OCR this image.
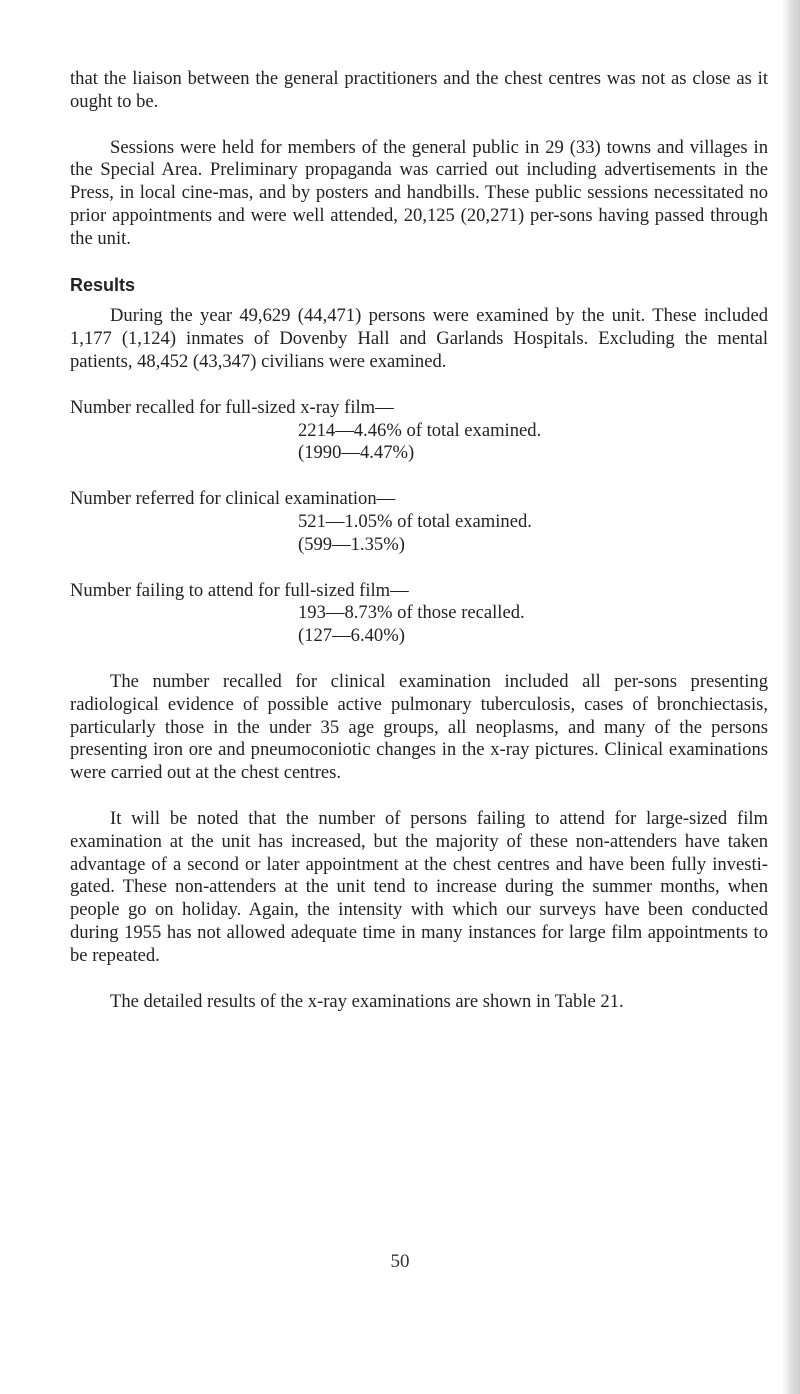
that the liaison between the general practitioners and the chest centres was not as close as it ought to be.

Sessions were held for members of the general public in 29 (33) towns and villages in the Special Area. Preliminary propaganda was carried out including advertisements in the Press, in local cine-mas, and by posters and handbills. These public sessions necessitated no prior appointments and were well attended, 20,125 (20,271) per-sons having passed through the unit.

Results

During the year 49,629 (44,471) persons were examined by the unit. These included 1,177 (1,124) inmates of Dovenby Hall and Garlands Hospitals. Excluding the mental patients, 48,452 (43,347) civilians were examined.

Number recalled for full-sized x-ray film—
2214—4.46% of total examined.
(1990—4.47%)
Number referred for clinical examination—
521—1.05% of total examined.
(599—1.35%)
Number failing to attend for full-sized film—
193—8.73% of those recalled.
(127—6.40%)

The number recalled for clinical examination included all per-sons presenting radiological evidence of possible active pulmonary tuberculosis, cases of bronchiectasis, particularly those in the under 35 age groups, all neoplasms, and many of the persons presenting iron ore and pneumoconiotic changes in the x-ray pictures. Clinical examinations were carried out at the chest centres.

It will be noted that the number of persons failing to attend for large-sized film examination at the unit has increased, but the majority of these non-attenders have taken advantage of a second or later appointment at the chest centres and have been fully investi-gated. These non-attenders at the unit tend to increase during the summer months, when people go on holiday. Again, the intensity with which our surveys have been conducted during 1955 has not allowed adequate time in many instances for large film appointments to be repeated.

The detailed results of the x-ray examinations are shown in Table 21.

50
